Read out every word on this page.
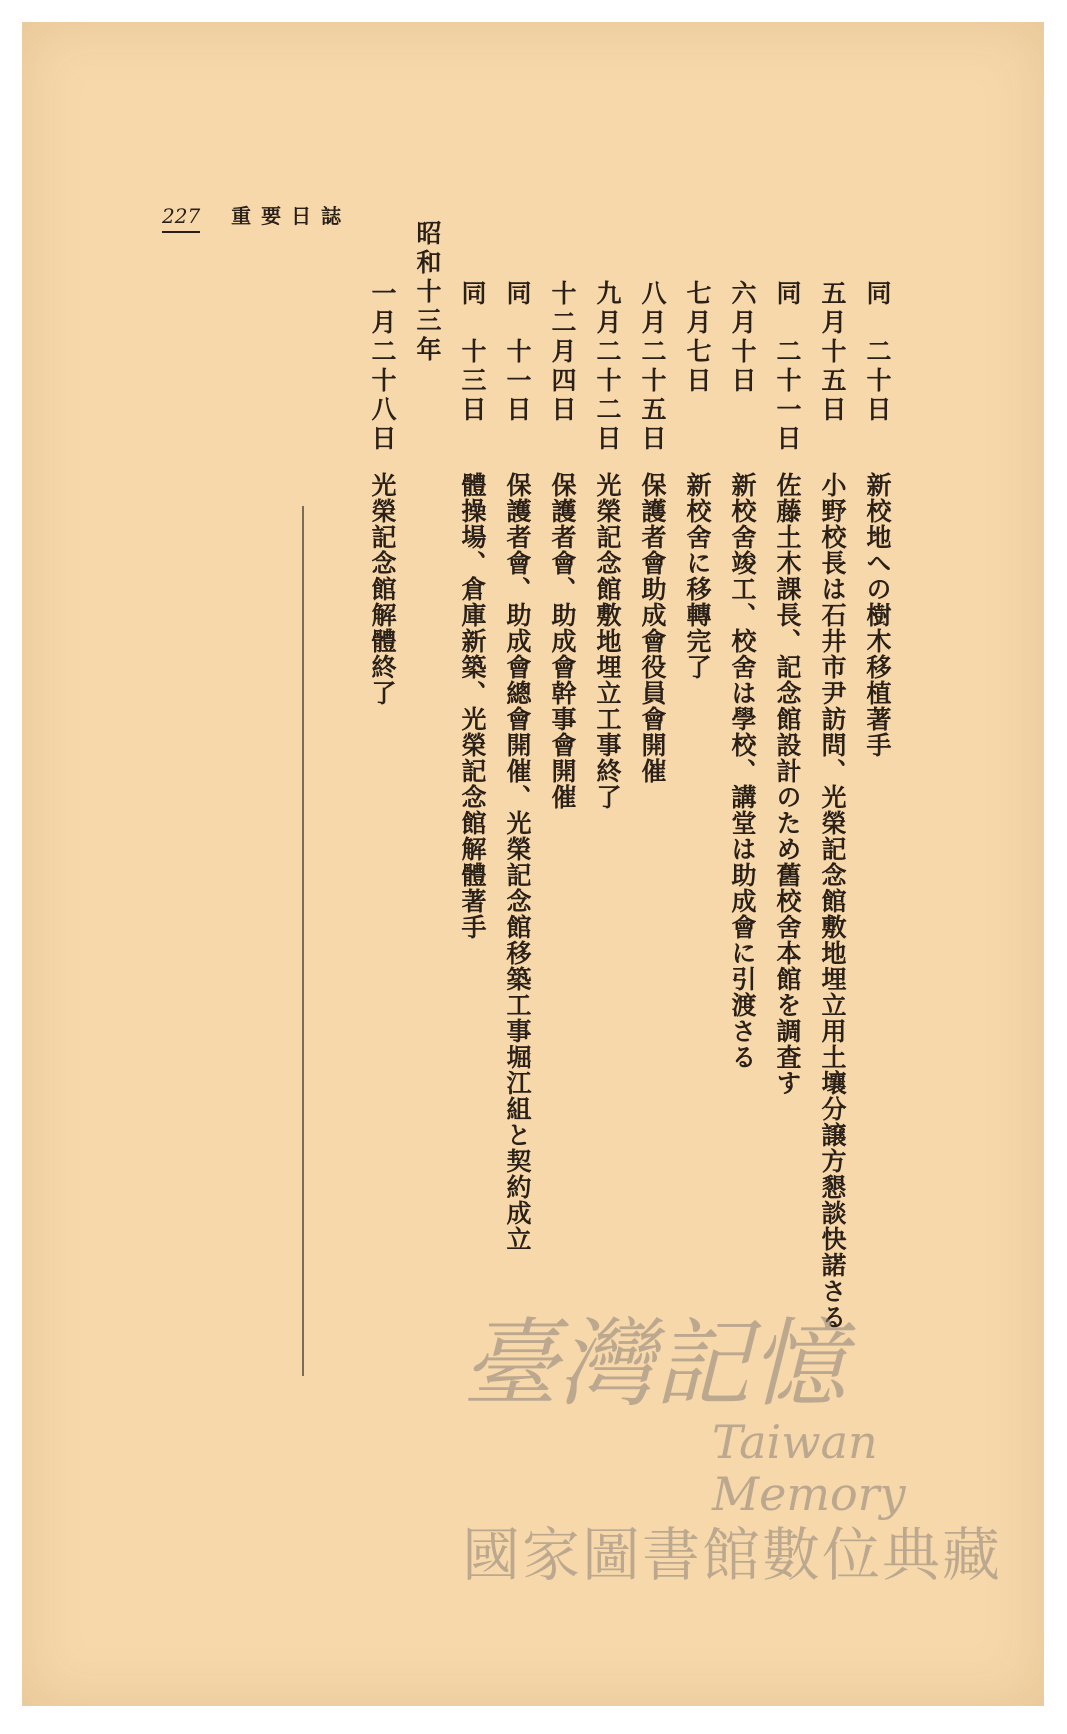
227 重要日誌
同　二十日
新校地への樹木移植著手
五月十五日
小野校長は石井市尹訪問、光榮記念館敷地埋立用土壤分譲方懇談快諾さる
同　二十一日
佐藤土木課長、記念館設計のため舊校舍本館を調査す
六月十日
新校舍竣工、校舍は學校、講堂は助成會に引渡さる
七月七日
新校舍に移轉完了
八月二十五日
保護者會助成會役員會開催
九月二十二日
光榮記念館敷地埋立工事終了
十二月四日
保護者會、助成會幹事會開催
同　十一日
保護者會、助成會總會開催、光榮記念館移築工事堀江組と契約成立
同　十三日
體操場、倉庫新築、光榮記念館解體著手
昭和十三年
一月二十八日
光榮記念館解體終了
臺灣記憶
Taiwan Memory
國家圖書館數位典藏
